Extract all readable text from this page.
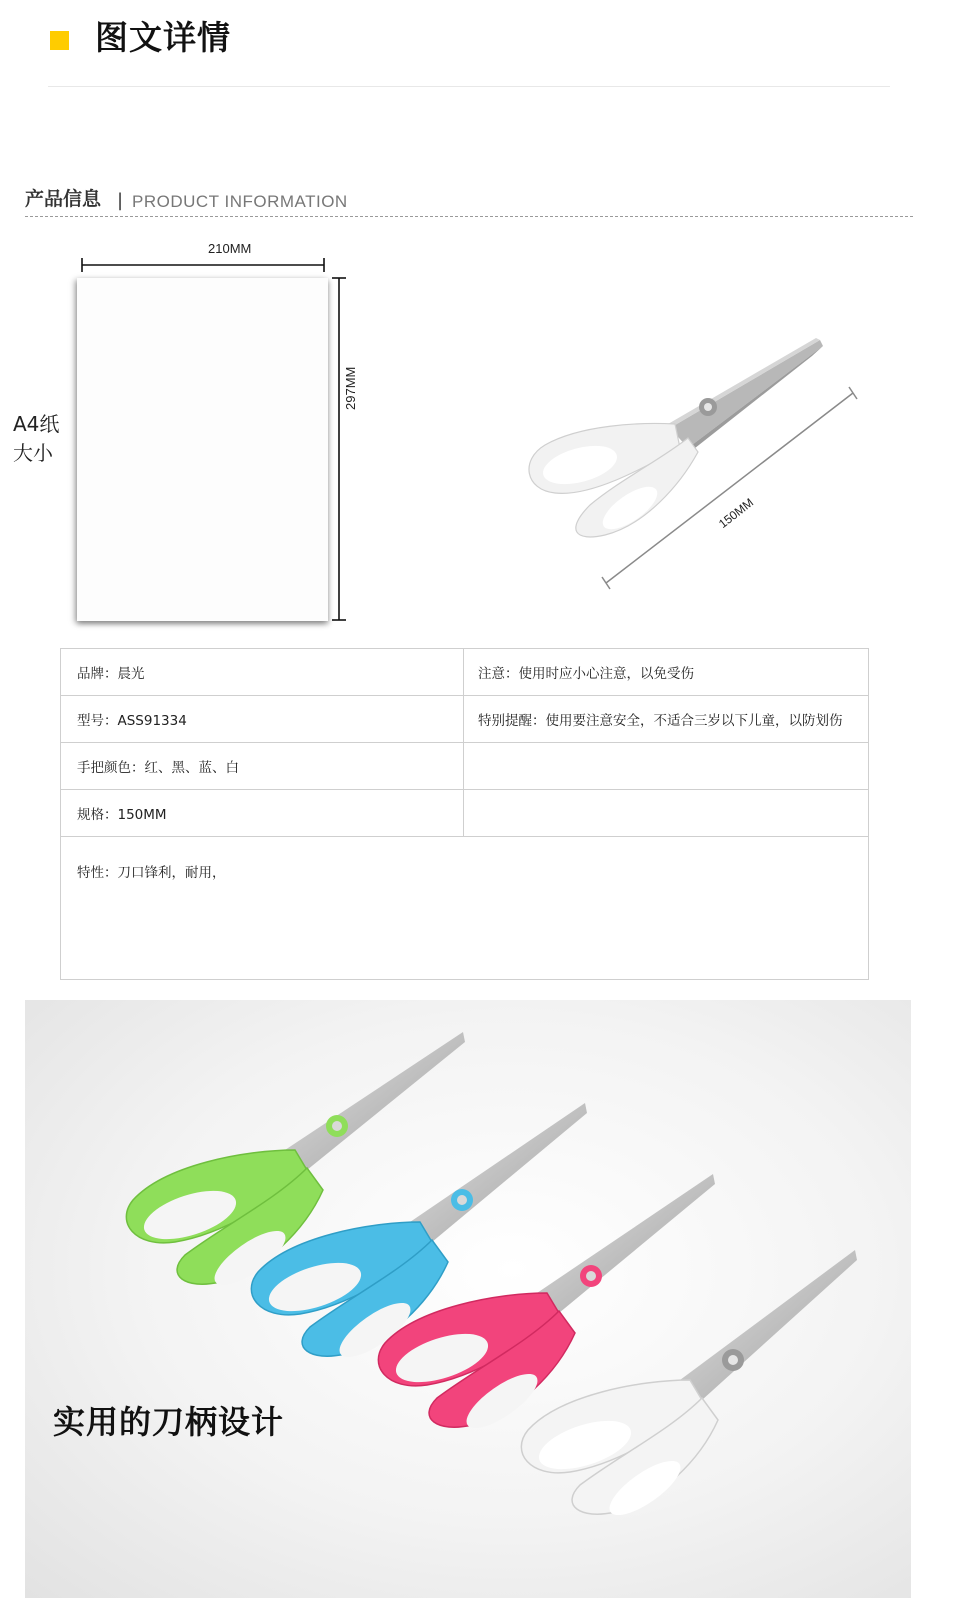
图文详情
产品信息 | PRODUCT INFORMATION
A4纸
大小
210MM
297MM
150MM
品牌：晨光	注意：使用时应小心注意，以免受伤
型号：ASS91334	特别提醒：使用要注意安全，不适合三岁以下儿童，以防划伤
手把颜色：红、黑、蓝、白	
规格：150MM	
特性：刀口锋利，耐用，	
实用的刀柄设计
